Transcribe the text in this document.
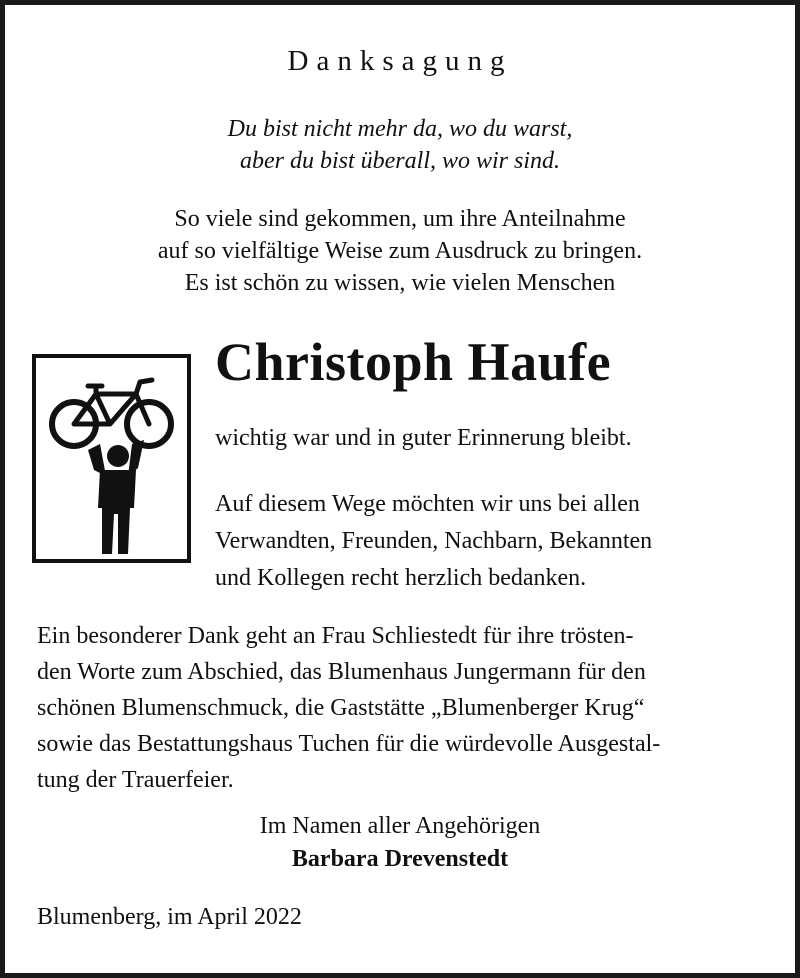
Danksagung
Du bist nicht mehr da, wo du warst,
aber du bist überall, wo wir sind.
So viele sind gekommen, um ihre Anteilnahme
auf so vielfältige Weise zum Ausdruck zu bringen.
Es ist schön zu wissen, wie vielen Menschen
Christoph Haufe
wichtig war und in guter Erinnerung bleibt.
Auf diesem Wege möchten wir uns bei allen
Verwandten, Freunden, Nachbarn, Bekannten
und Kollegen recht herzlich bedanken.
Ein besonderer Dank geht an Frau Schliestedt für ihre trösten-
den Worte zum Abschied, das Blumenhaus Jungermann für den
schönen Blumenschmuck, die Gaststätte „Blumenberger Krug“
sowie das Bestattungshaus Tuchen für die würdevolle Ausgestal-
tung der Trauerfeier.
Im Namen aller Angehörigen
Barbara Drevenstedt
Blumenberg, im April 2022
